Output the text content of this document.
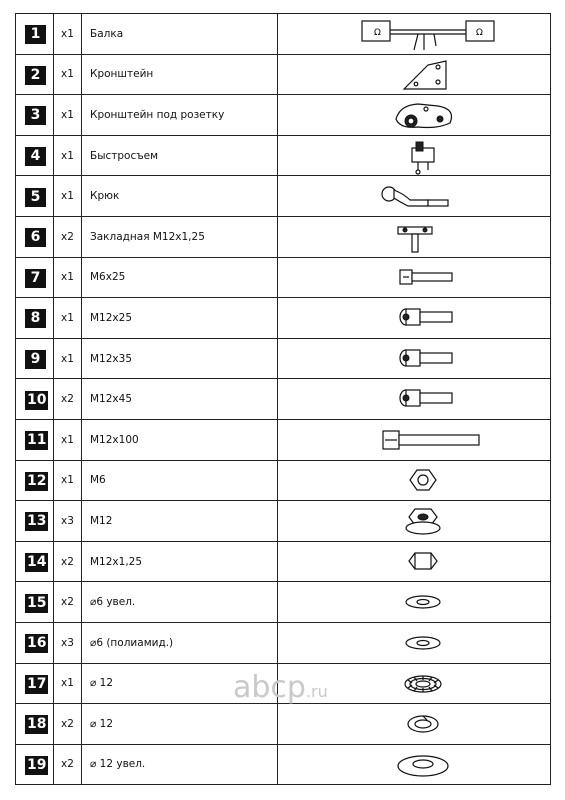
1	x1	Балка	Ω Ω

2	x1	Кронштейн	

3	x1	Кронштейн под розетку	

4	x1	Быстросъем	

5	x1	Крюк	

6	x2	Закладная М12х1,25	

7	x1	М6х25	

8	x1	М12х25	

9	x1	М12х35	

10	x2	М12х45	

11	x1	М12х100	

12	x1	М6	

13	x3	М12	

14	x2	М12х1,25	

15	x2	⌀6 увел.	

16	x3	⌀6 (полиамид.)	

17	x1	⌀ 12	

18	x2	⌀ 12	

19	x2	⌀ 12 увел.	
abcp.ru
